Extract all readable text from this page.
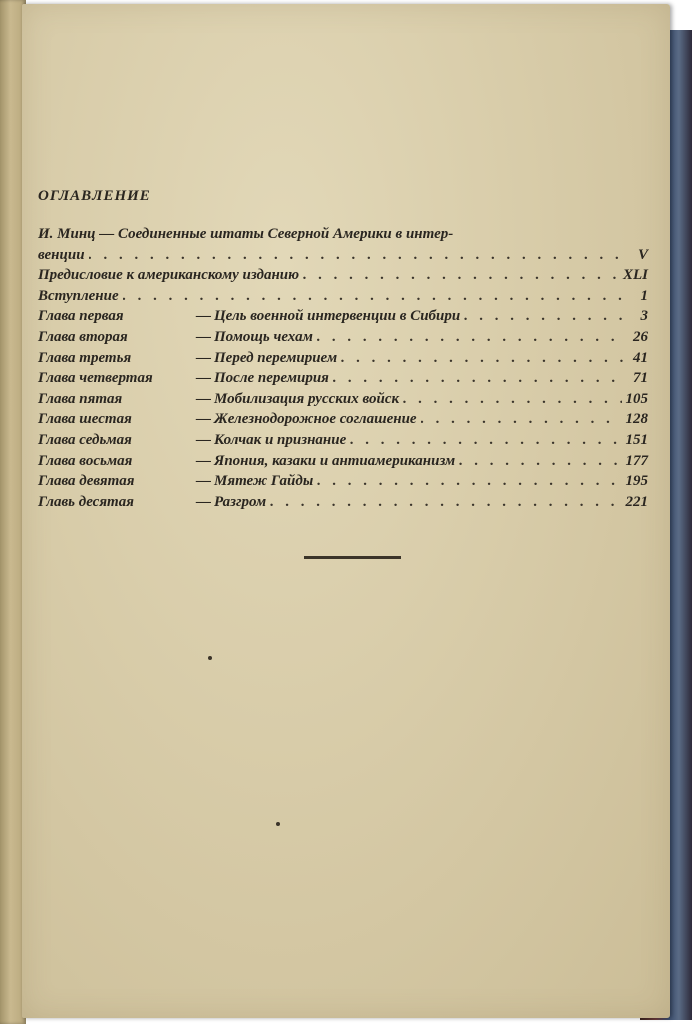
ОГЛАВЛЕНИЕ
И. Минц — Соединенные штаты Северной Америки в интер-
венции . . .	V
Предисловие к американскому изданию . . .	XLI
Вступление . . .	1
Глава первая	— Цель военной интервенции в Сибири . . .	3
Глава вторая	— Помощь чехам . . .	26
Глава третья	— Перед перемирием . . .	41
Глава четвертая	— После перемирия . . .	71
Глава пятая	— Мобилизация русских войск . . .	105
Глава шестая	— Железнодорожное соглашение . . .	128
Глава седьмая	— Колчак и признание . . .	151
Глава восьмая	— Япония, казаки и антиамериканизм . . .	177
Глава девятая	— Мятеж Гайды . . .	195
Главь десятая	— Разгром . . .	221
